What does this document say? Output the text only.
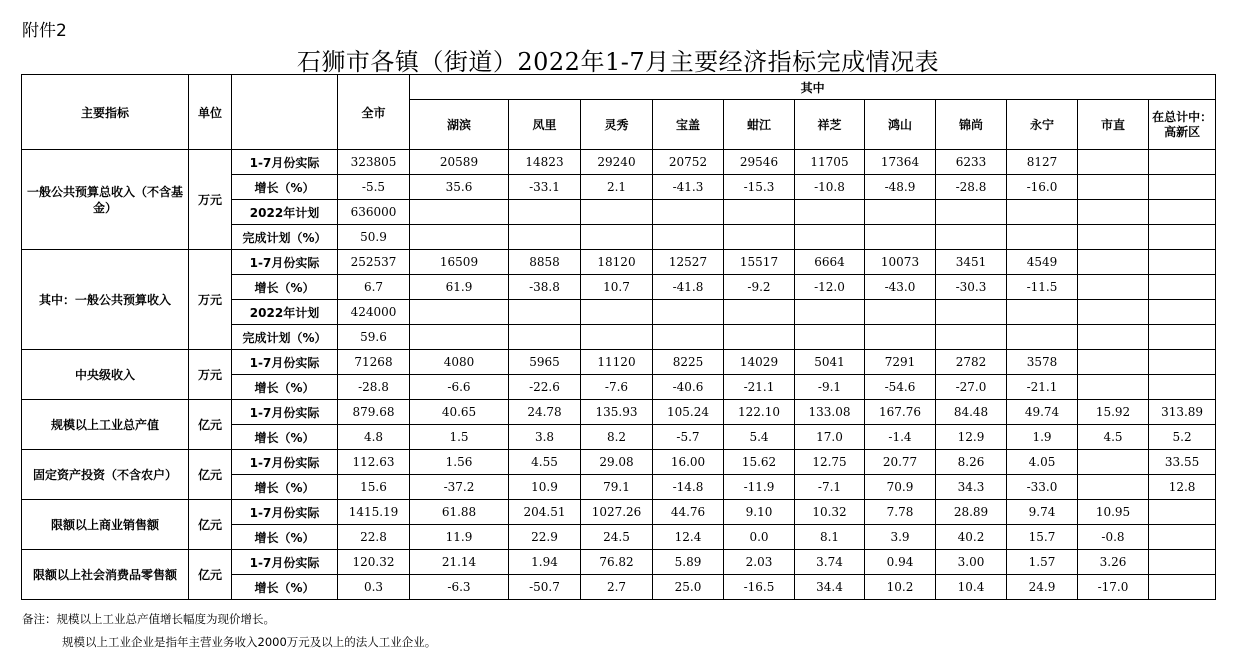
附件2
石狮市各镇（街道）2022年1-7月主要经济指标完成情况表
主要指标	单位		全市	其中										
				湖滨	凤里	灵秀	宝盖	蚶江	祥芝	鸿山	锦尚	永宁	市直	在总计中：高新区
一般公共预算总收入（不含基金）	万元	1-7月份实际	323805	20589	14823	29240	20752	29546	11705	17364	6233	8127		
		增长（%）	-5.5	35.6	-33.1	2.1	-41.3	-15.3	-10.8	-48.9	-28.8	-16.0		
		2022年计划	636000											
		完成计划（%）	50.9											
其中：一般公共预算收入	万元	1-7月份实际	252537	16509	8858	18120	12527	15517	6664	10073	3451	4549		
		增长（%）	6.7	61.9	-38.8	10.7	-41.8	-9.2	-12.0	-43.0	-30.3	-11.5		
		2022年计划	424000											
		完成计划（%）	59.6											
中央级收入	万元	1-7月份实际	71268	4080	5965	11120	8225	14029	5041	7291	2782	3578		
		增长（%）	-28.8	-6.6	-22.6	-7.6	-40.6	-21.1	-9.1	-54.6	-27.0	-21.1		
规模以上工业总产值	亿元	1-7月份实际	879.68	40.65	24.78	135.93	105.24	122.10	133.08	167.76	84.48	49.74	15.92	313.89
		增长（%）	4.8	1.5	3.8	8.2	-5.7	5.4	17.0	-1.4	12.9	1.9	4.5	5.2
固定资产投资（不含农户）	亿元	1-7月份实际	112.63	1.56	4.55	29.08	16.00	15.62	12.75	20.77	8.26	4.05		33.55
		增长（%）	15.6	-37.2	10.9	79.1	-14.8	-11.9	-7.1	70.9	34.3	-33.0		12.8
限额以上商业销售额	亿元	1-7月份实际	1415.19	61.88	204.51	1027.26	44.76	9.10	10.32	7.78	28.89	9.74	10.95	
		增长（%）	22.8	11.9	22.9	24.5	12.4	0.0	8.1	3.9	40.2	15.7	-0.8	
限额以上社会消费品零售额	亿元	1-7月份实际	120.32	21.14	1.94	76.82	5.89	2.03	3.74	0.94	3.00	1.57	3.26	
		增长（%）	0.3	-6.3	-50.7	2.7	25.0	-16.5	34.4	10.2	10.4	24.9	-17.0	
备注：规模以上工业总产值增长幅度为现价增长。
规模以上工业企业是指年主营业务收入2000万元及以上的法人工业企业。
